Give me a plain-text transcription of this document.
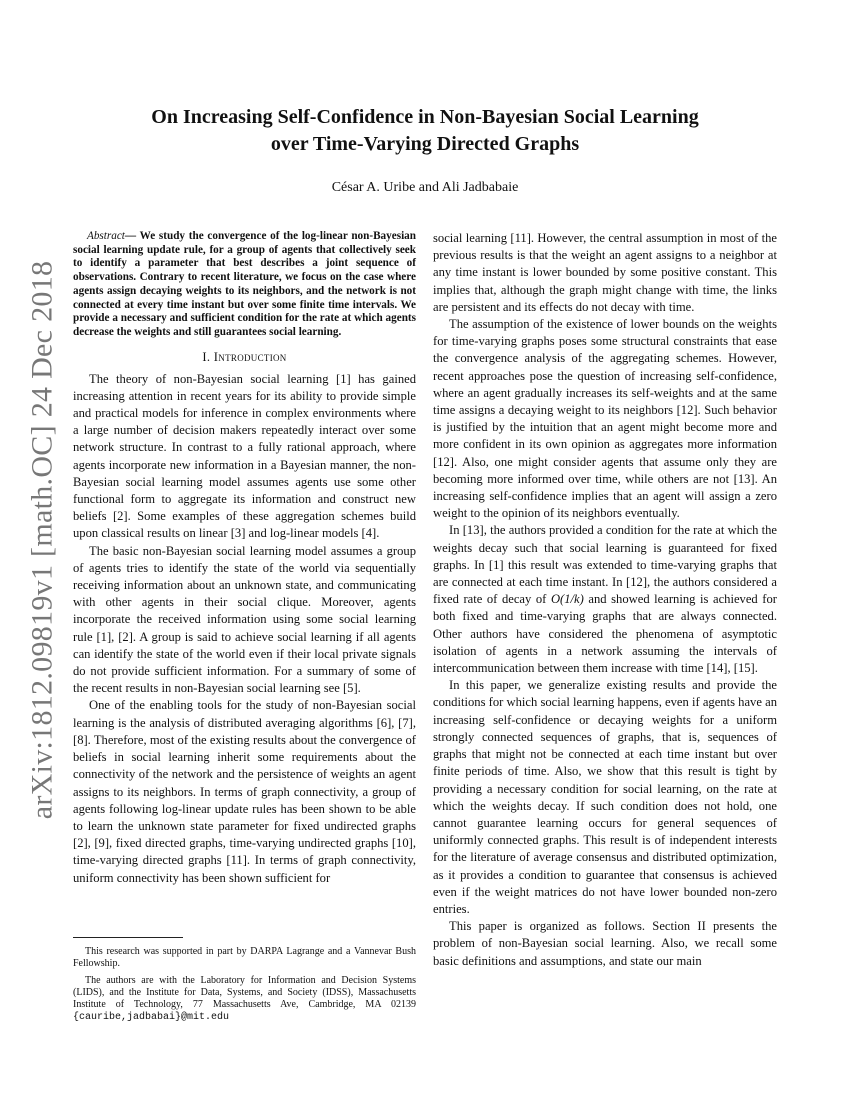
arXiv:1812.09819v1 [math.OC] 24 Dec 2018
On Increasing Self-Confidence in Non-Bayesian Social Learning
over Time-Varying Directed Graphs
César A. Uribe and Ali Jadbabaie

Abstract— We study the convergence of the log-linear non-Bayesian social learning update rule, for a group of agents that collectively seek to identify a parameter that best describes a joint sequence of observations. Contrary to recent literature, we focus on the case where agents assign decaying weights to its neighbors, and the network is not connected at every time instant but over some finite time intervals. We provide a necessary and sufficient condition for the rate at which agents decrease the weights and still guarantees social learning.

I. Introduction

The theory of non-Bayesian social learning [1] has gained increasing attention in recent years for its ability to provide simple and practical models for inference in complex environments where a large number of decision makers repeatedly interact over some network structure. In contrast to a fully rational approach, where agents incorporate new information in a Bayesian manner, the non-Bayesian social learning model assumes agents use some other functional form to aggregate its information and construct new beliefs [2]. Some examples of these aggregation schemes build upon classical results on linear [3] and log-linear models [4].

The basic non-Bayesian social learning model assumes a group of agents tries to identify the state of the world via sequentially receiving information about an unknown state, and communicating with other agents in their social clique. Moreover, agents incorporate the received information using some social learning rule [1], [2]. A group is said to achieve social learning if all agents can identify the state of the world even if their local private signals do not provide sufficient information. For a summary of some of the recent results in non-Bayesian social learning see [5].

One of the enabling tools for the study of non-Bayesian social learning is the analysis of distributed averaging algorithms [6], [7], [8]. Therefore, most of the existing results about the convergence of beliefs in social learning inherit some requirements about the connectivity of the network and the persistence of weights an agent assigns to its neighbors. In terms of graph connectivity, a group of agents following log-linear update rules has been shown to be able to learn the unknown state parameter for fixed undirected graphs [2], [9], fixed directed graphs, time-varying undirected graphs [10], time-varying directed graphs [11]. In terms of graph connectivity, uniform connectivity has been shown sufficient for

This research was supported in part by DARPA Lagrange and a Vannevar Bush Fellowship.

The authors are with the Laboratory for Information and Decision Systems (LIDS), and the Institute for Data, Systems, and Society (IDSS), Massachusetts Institute of Technology, 77 Massachusetts Ave, Cambridge, MA 02139 {cauribe,jadbabai}@mit.edu

social learning [11]. However, the central assumption in most of the previous results is that the weight an agent assigns to a neighbor at any time instant is lower bounded by some positive constant. This implies that, although the graph might change with time, the links are persistent and its effects do not decay with time.

The assumption of the existence of lower bounds on the weights for time-varying graphs poses some structural constraints that ease the convergence analysis of the aggregating schemes. However, recent approaches pose the question of increasing self-confidence, where an agent gradually increases its self-weights and at the same time assigns a decaying weight to its neighbors [12]. Such behavior is justified by the intuition that an agent might become more and more confident in its own opinion as aggregates more information [12]. Also, one might consider agents that assume only they are becoming more informed over time, while others are not [13]. An increasing self-confidence implies that an agent will assign a zero weight to the opinion of its neighbors eventually.

In [13], the authors provided a condition for the rate at which the weights decay such that social learning is guaranteed for fixed graphs. In [1] this result was extended to time-varying graphs that are connected at each time instant. In [12], the authors considered a fixed rate of decay of O(1/k) and showed learning is achieved for both fixed and time-varying graphs that are always connected. Other authors have considered the phenomena of asymptotic isolation of agents in a network assuming the intervals of intercommunication between them increase with time [14], [15].

In this paper, we generalize existing results and provide the conditions for which social learning happens, even if agents have an increasing self-confidence or decaying weights for a uniform strongly connected sequences of graphs, that is, sequences of graphs that might not be connected at each time instant but over finite periods of time. Also, we show that this result is tight by providing a necessary condition for social learning, on the rate at which the weights decay. If such condition does not hold, one cannot guarantee learning occurs for general sequences of uniformly connected graphs. This result is of independent interests for the literature of average consensus and distributed optimization, as it provides a condition to guarantee that consensus is achieved even if the weight matrices do not have lower bounded non-zero entries.

This paper is organized as follows. Section II presents the problem of non-Bayesian social learning. Also, we recall some basic definitions and assumptions, and state our main
